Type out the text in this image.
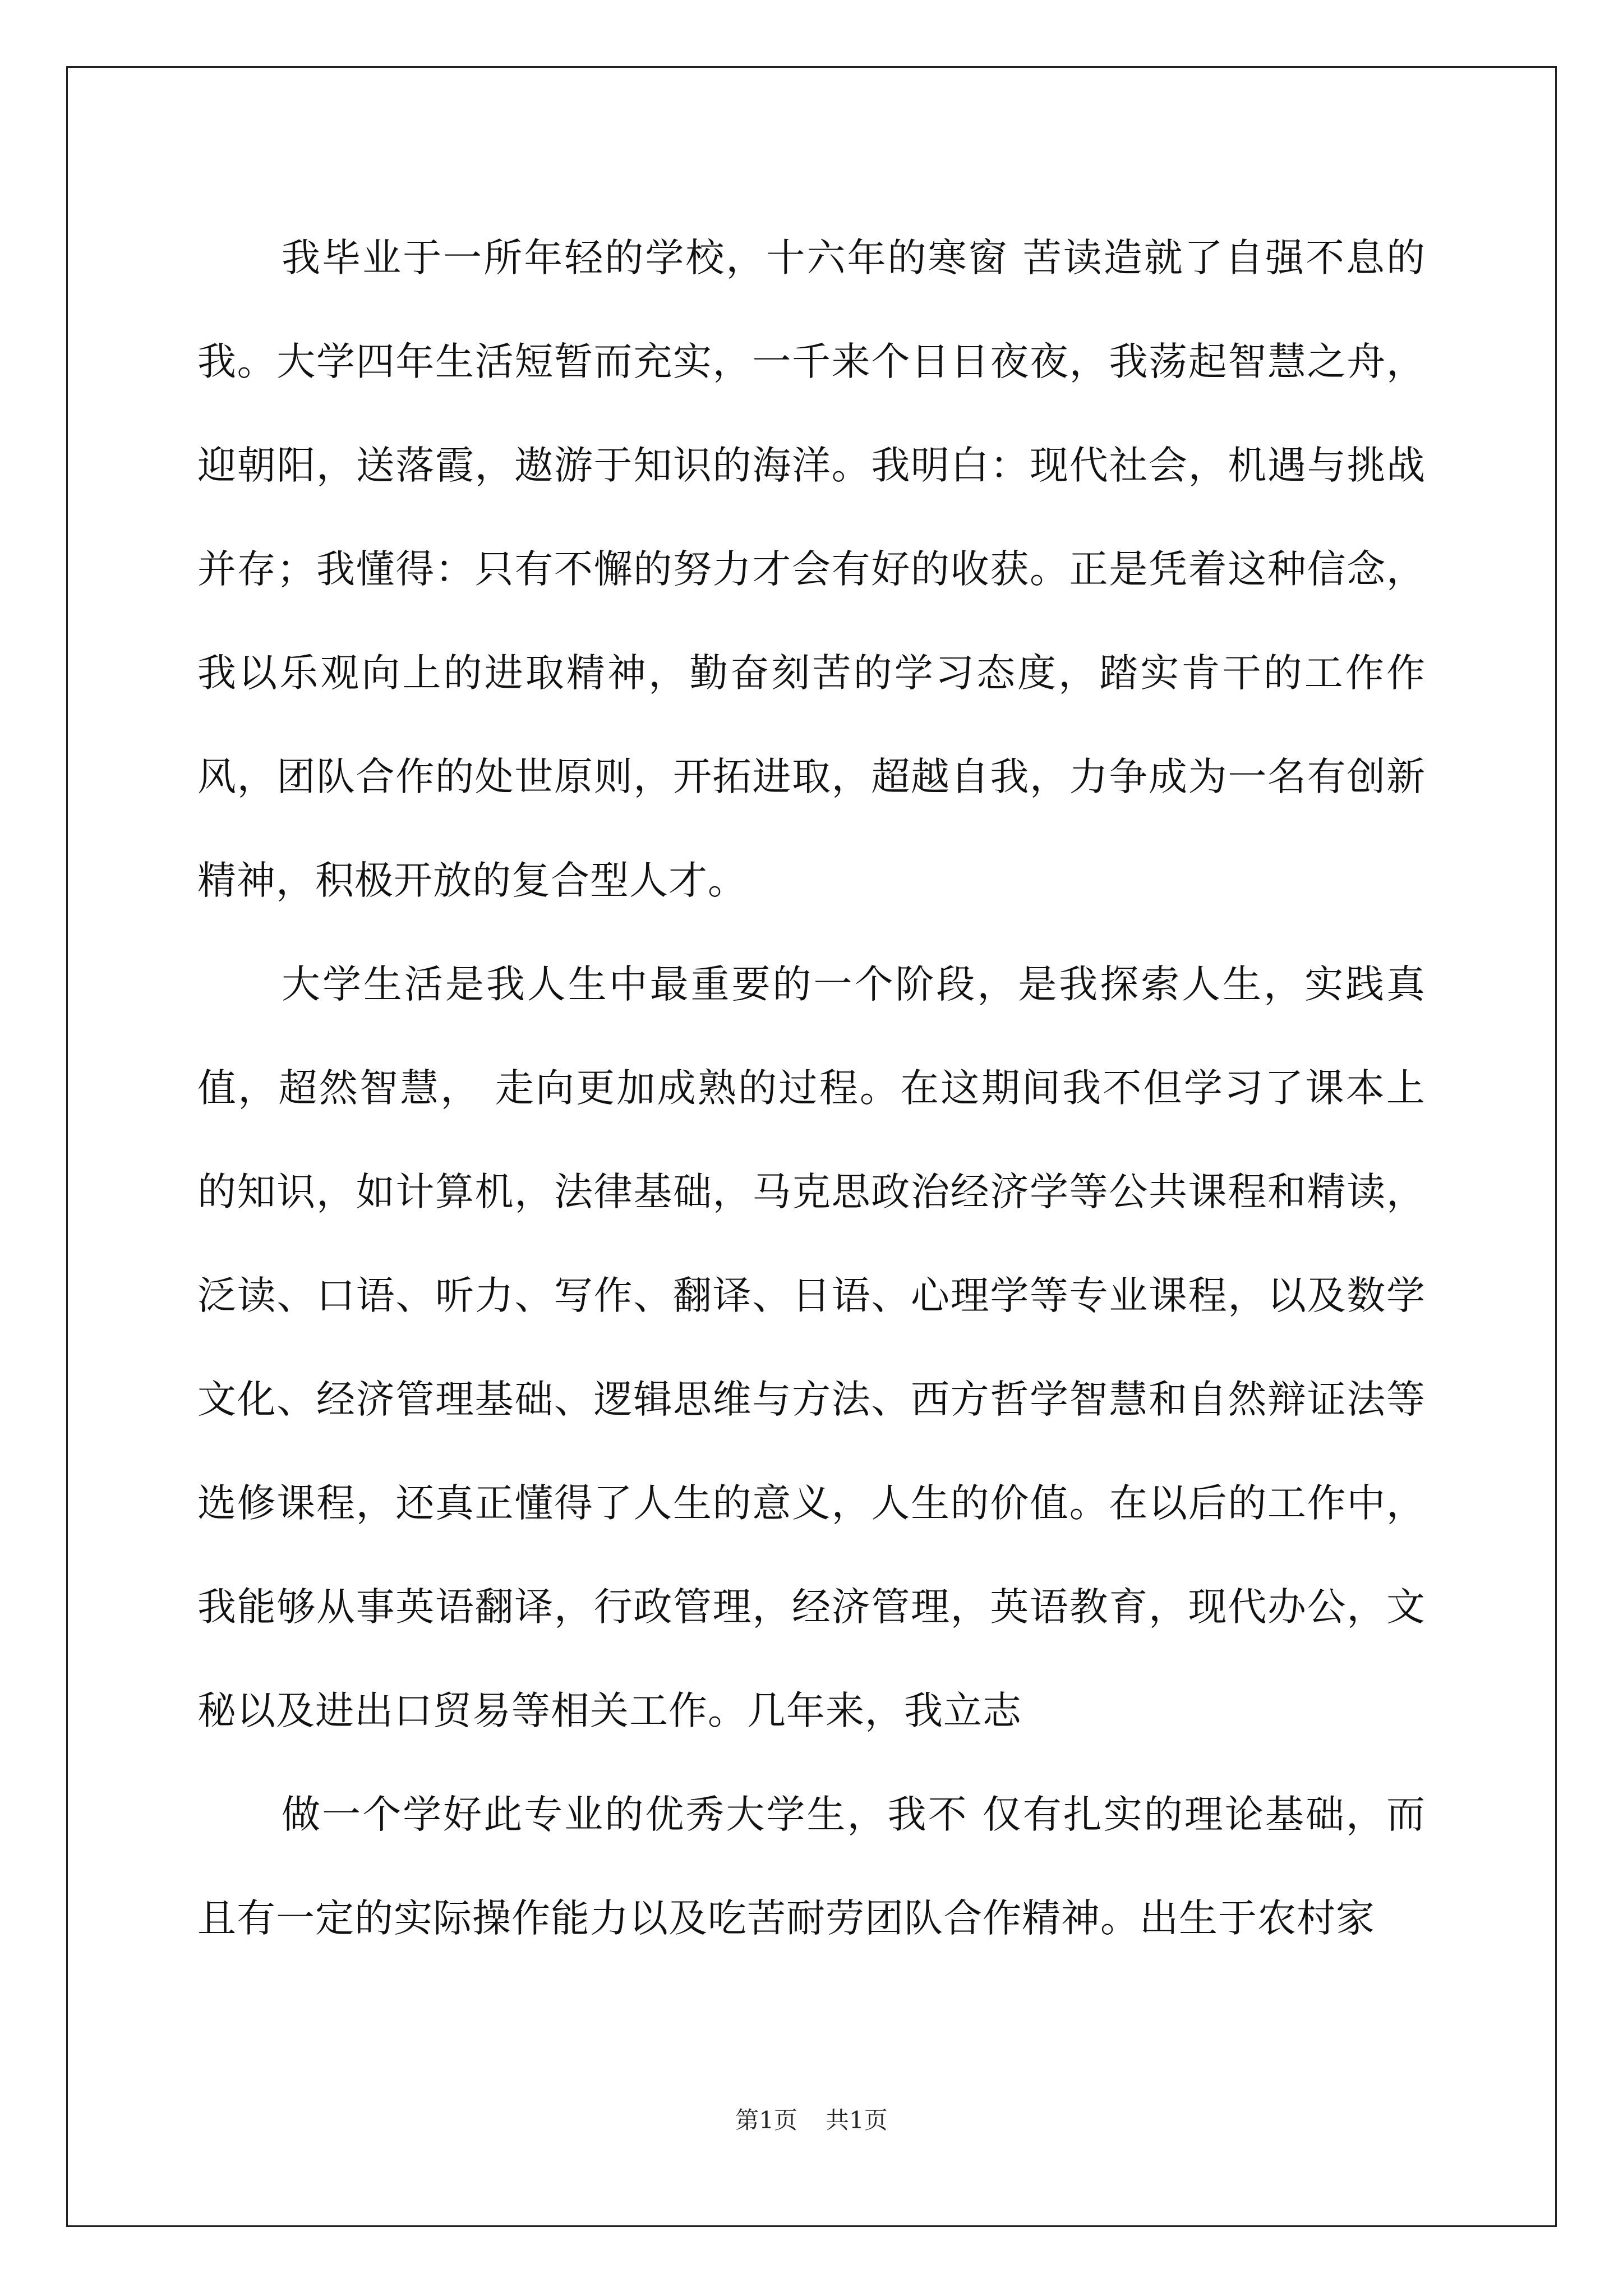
我毕业于一所年轻的学校，十六年的寒窗 苦读造就了自强不息的我。大学四年生活短暂而充实，一千来个日日夜夜，我荡起智慧之舟，迎朝阳，送落霞，遨游于知识的海洋。我明白：现代社会，机遇与挑战 并存；我懂得：只有不懈的努力才会有好的收获。正是凭着这种信念，我以乐观向上的进取精神，勤奋刻苦的学习态度，踏实肯干的工作作风，团队合作的处世原则，开拓进取，超越自我，力争成为一名有创新精神，积极开放的复合型人才。

大学生活是我人生中最重要的一个阶段，是我探索人生，实践真值，超然智慧， 走向更加成熟的过程。在这期间我不但学习了课本上的知识，如计算机，法律基础，马克思政治经济学等公共课程和精读，泛读、口语、听力、写作、翻译、日语、心理学等专业课程，以及数学文化、经济管理基础、逻辑思维与方法、西方哲学智慧和自然辩证法等选修课程，还真正懂得了人生的意义，人生的价值。在以后的工作中，我能够从事英语翻译，行政管理，经济管理，英语教育，现代办公，文秘以及进出口贸易等相关工作。几年来，我立志

做一个学好此专业的优秀大学生，我不 仅有扎实的理论基础，而且有一定的实际操作能力以及吃苦耐劳团队合作精神。出生于农村家

第1页 共1页
